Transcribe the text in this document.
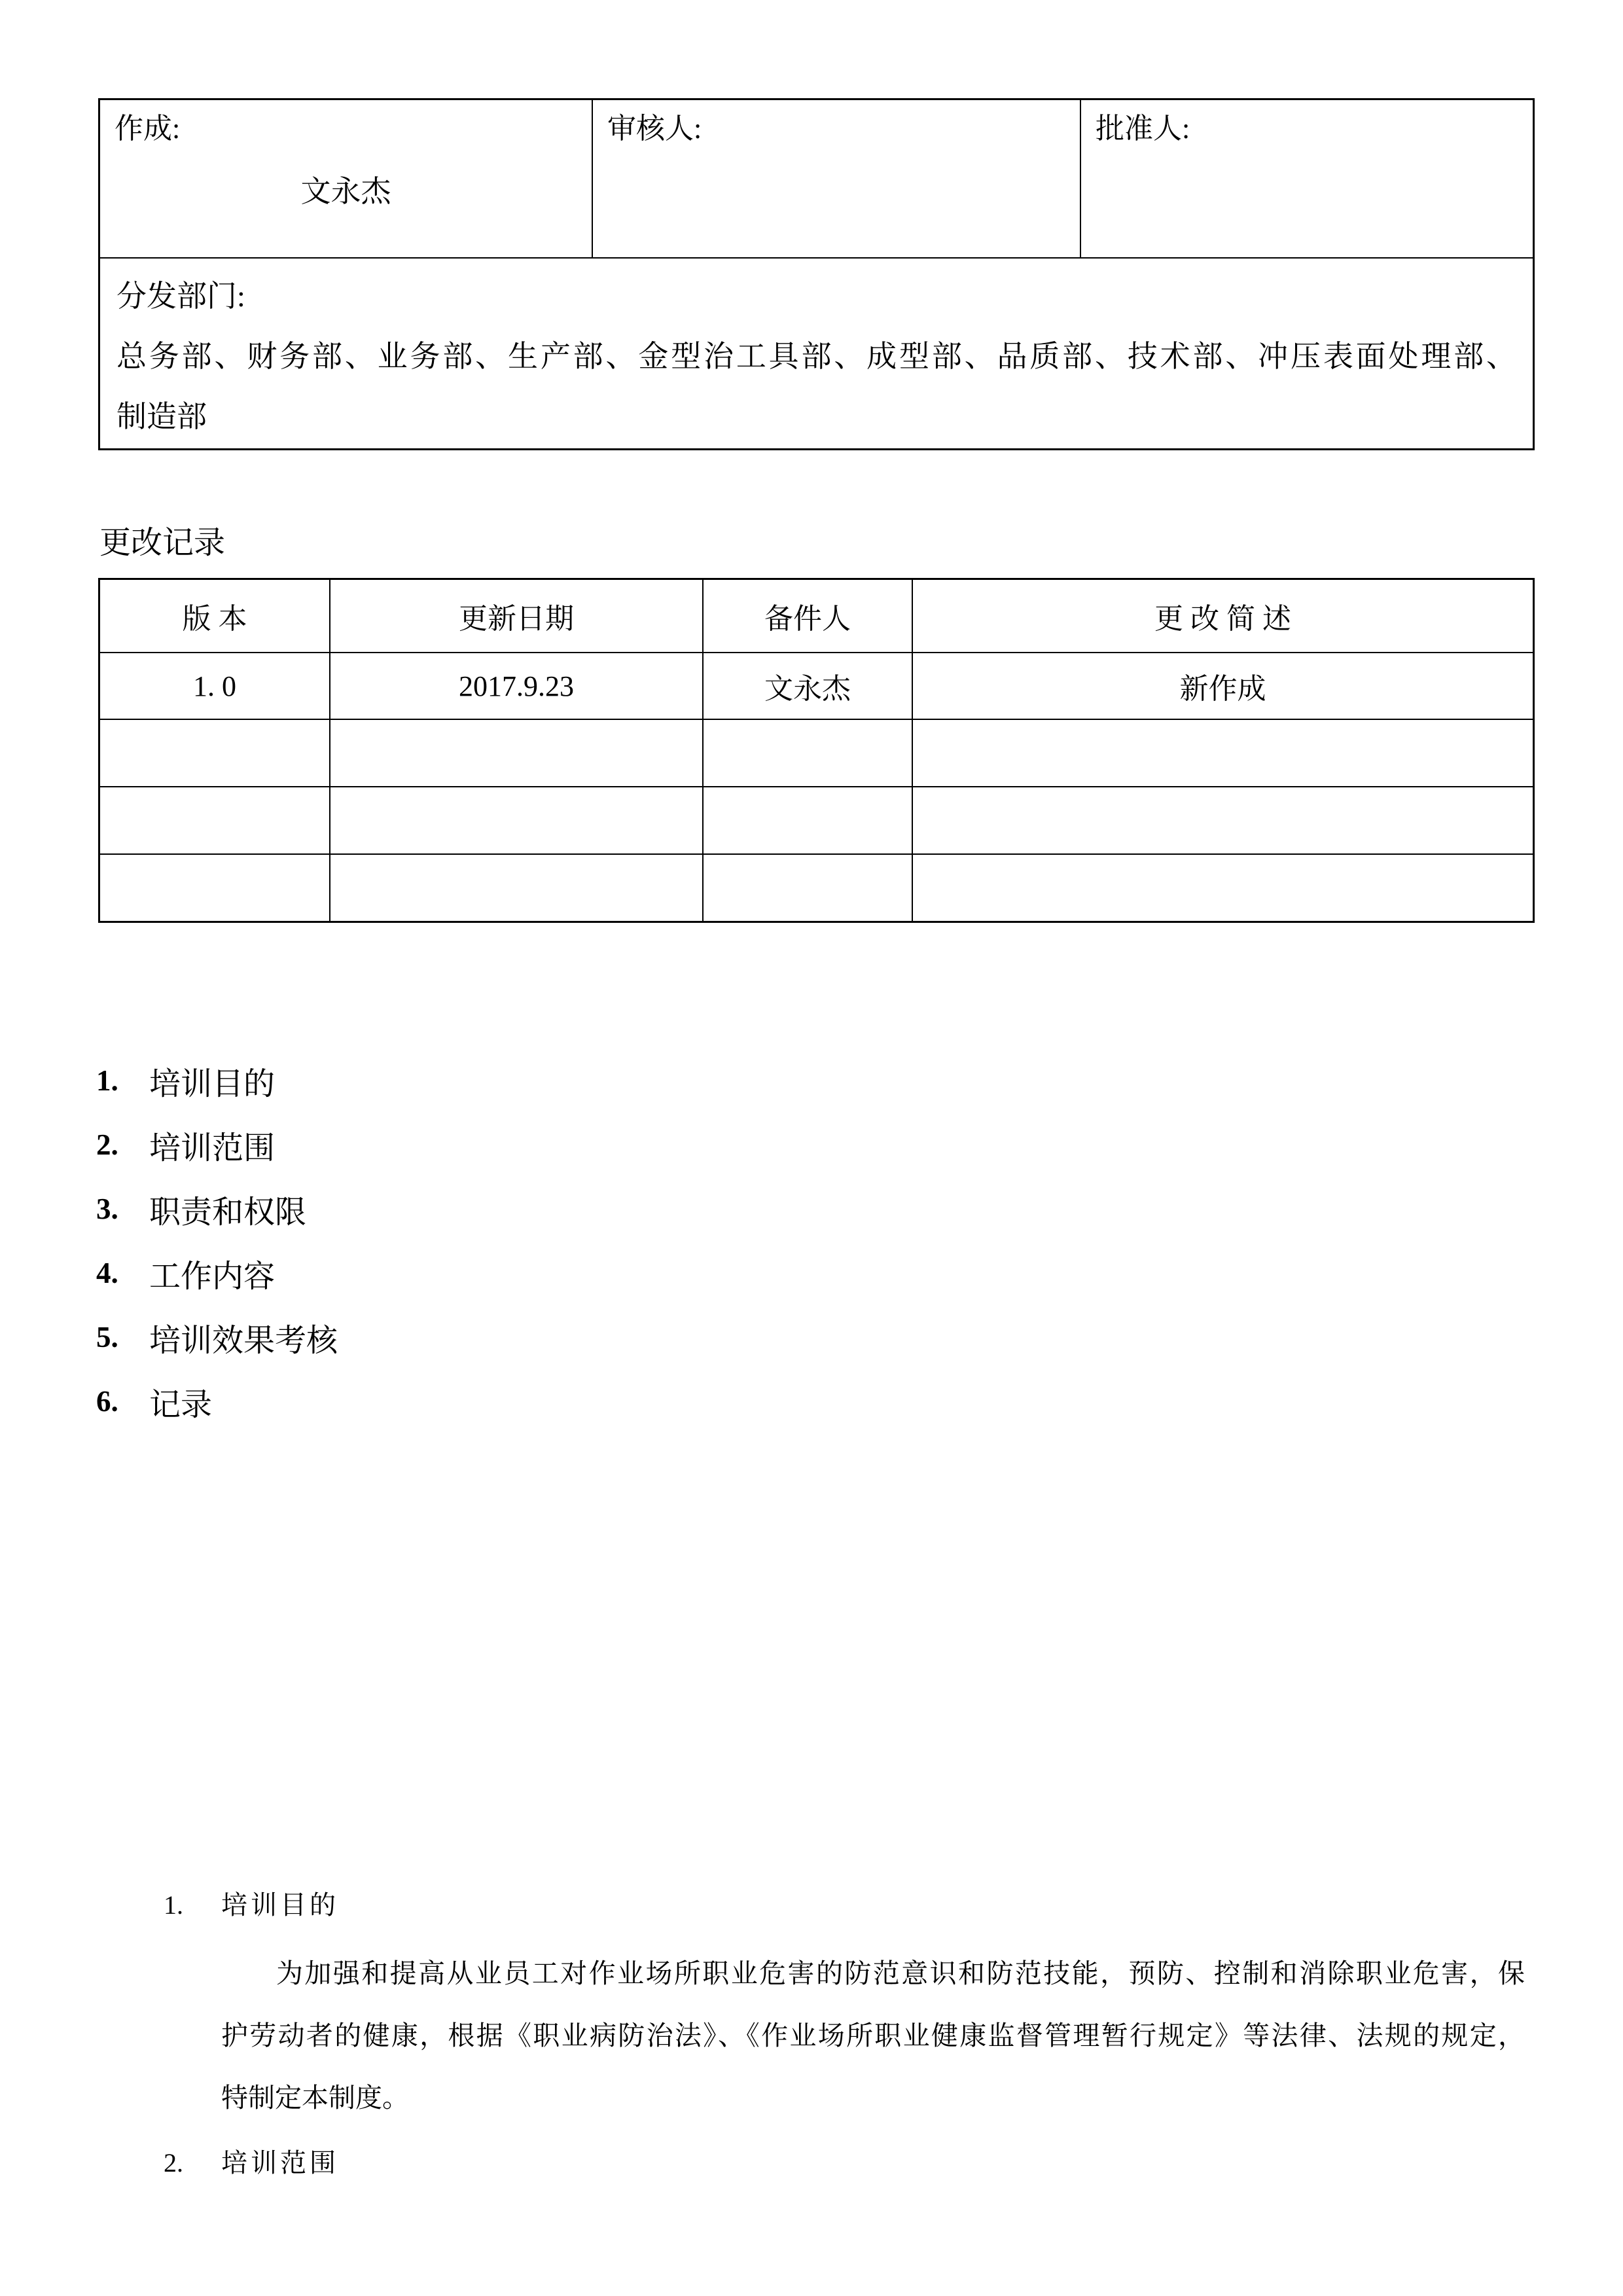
作成:
文永杰
审核人:	批准人:
分发部门:
总务部、财务部、业务部、生产部、金型治工具部、成型部、品质部、技术部、冲压表面处理部、
制造部
更改记录
版 本	更新日期	备件人	更 改 简 述
1. 0	2017.9.23	文永杰	新作成
1. 培训目的
2. 培训范围
3. 职责和权限
4. 工作内容
5. 培训效果考核
6. 记录
1.	培训目的
为加强和提高从业员工对作业场所职业危害的防范意识和防范技能，预防、控制和消除职业危害，保
护劳动者的健康，根据《职业病防治法》、《作业场所职业健康监督管理暂行规定》等法律、法规的规定，
特制定本制度。
2.	培训范围
